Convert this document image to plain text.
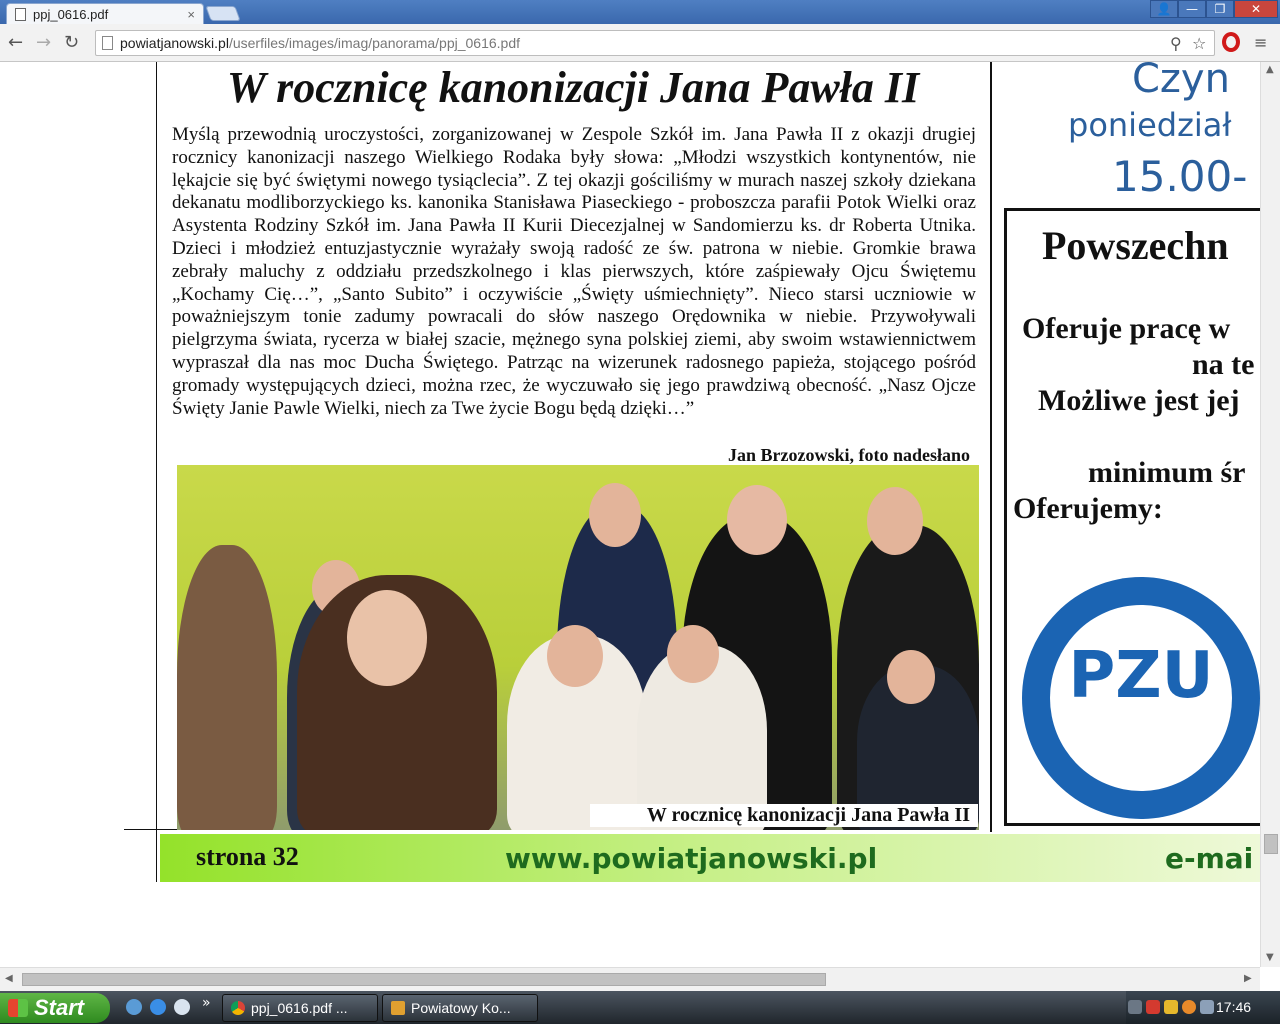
ppj_0616.pdf	×	👤	—	❐	✕
← → ↻	powiatjanowski.pl/userfiles/images/imag/panorama/ppj_0616.pdf	⚲ ☆	≡
W rocznicę kanonizacji Jana Pawła II
Myślą przewodnią uroczystości, zorganizowanej w Zespole Szkół im. Jana Pawła II z okazji drugiej rocznicy kanonizacji naszego Wielkiego Rodaka były słowa: „Młodzi wszystkich kontynentów, nie lękajcie się być świętymi nowego tysiąclecia”. Z tej okazji gościliśmy w murach naszej szkoły dziekana dekanatu modliborzyckiego ks. kanonika Stanisława Piaseckiego - proboszcza parafii Potok Wielki oraz Asystenta Rodziny Szkół im. Jana Pawła II Kurii Diecezjalnej w Sandomierzu ks. dr Roberta Utnika. Dzieci i młodzież entuzjastycznie wyrażały swoją radość ze św. patrona w niebie. Gromkie brawa zebrały maluchy z oddziału przedszkolnego i klas pierwszych, które zaśpiewały Ojcu Świętemu „Kochamy Cię…”, „Santo Subito” i oczywiście „Święty uśmiechnięty”. Nieco starsi uczniowie w poważniejszym tonie zadumy powracali do słów naszego Orędownika w niebie. Przywoływali pielgrzyma świata, rycerza w białej szacie, mężnego syna polskiej ziemi, aby swoim wstawiennictwem wypraszał dla nas moc Ducha Świętego. Patrząc na wizerunek radosnego papieża, stojącego pośród gromady występujących dzieci, można rzec, że wyczuwało się jego prawdziwą obecność. „Nasz Ojcze Święty Janie Pawle Wielki, niech za Twe życie Bogu będą dzięki…”
Jan Brzozowski, foto nadesłano
W rocznicę kanonizacji Jana Pawła II
strona 32	www.powiatjanowski.pl	e-mai
Czyn
poniedział
15.00-
Powszechn
Oferuje pracę w
na te
Możliwe jest jej
minimum śr
Oferujemy:
PZU
▲
▼
◀	▶
Start	»	ppj_0616.pdf ...	Powiatowy Ko...	17:46
